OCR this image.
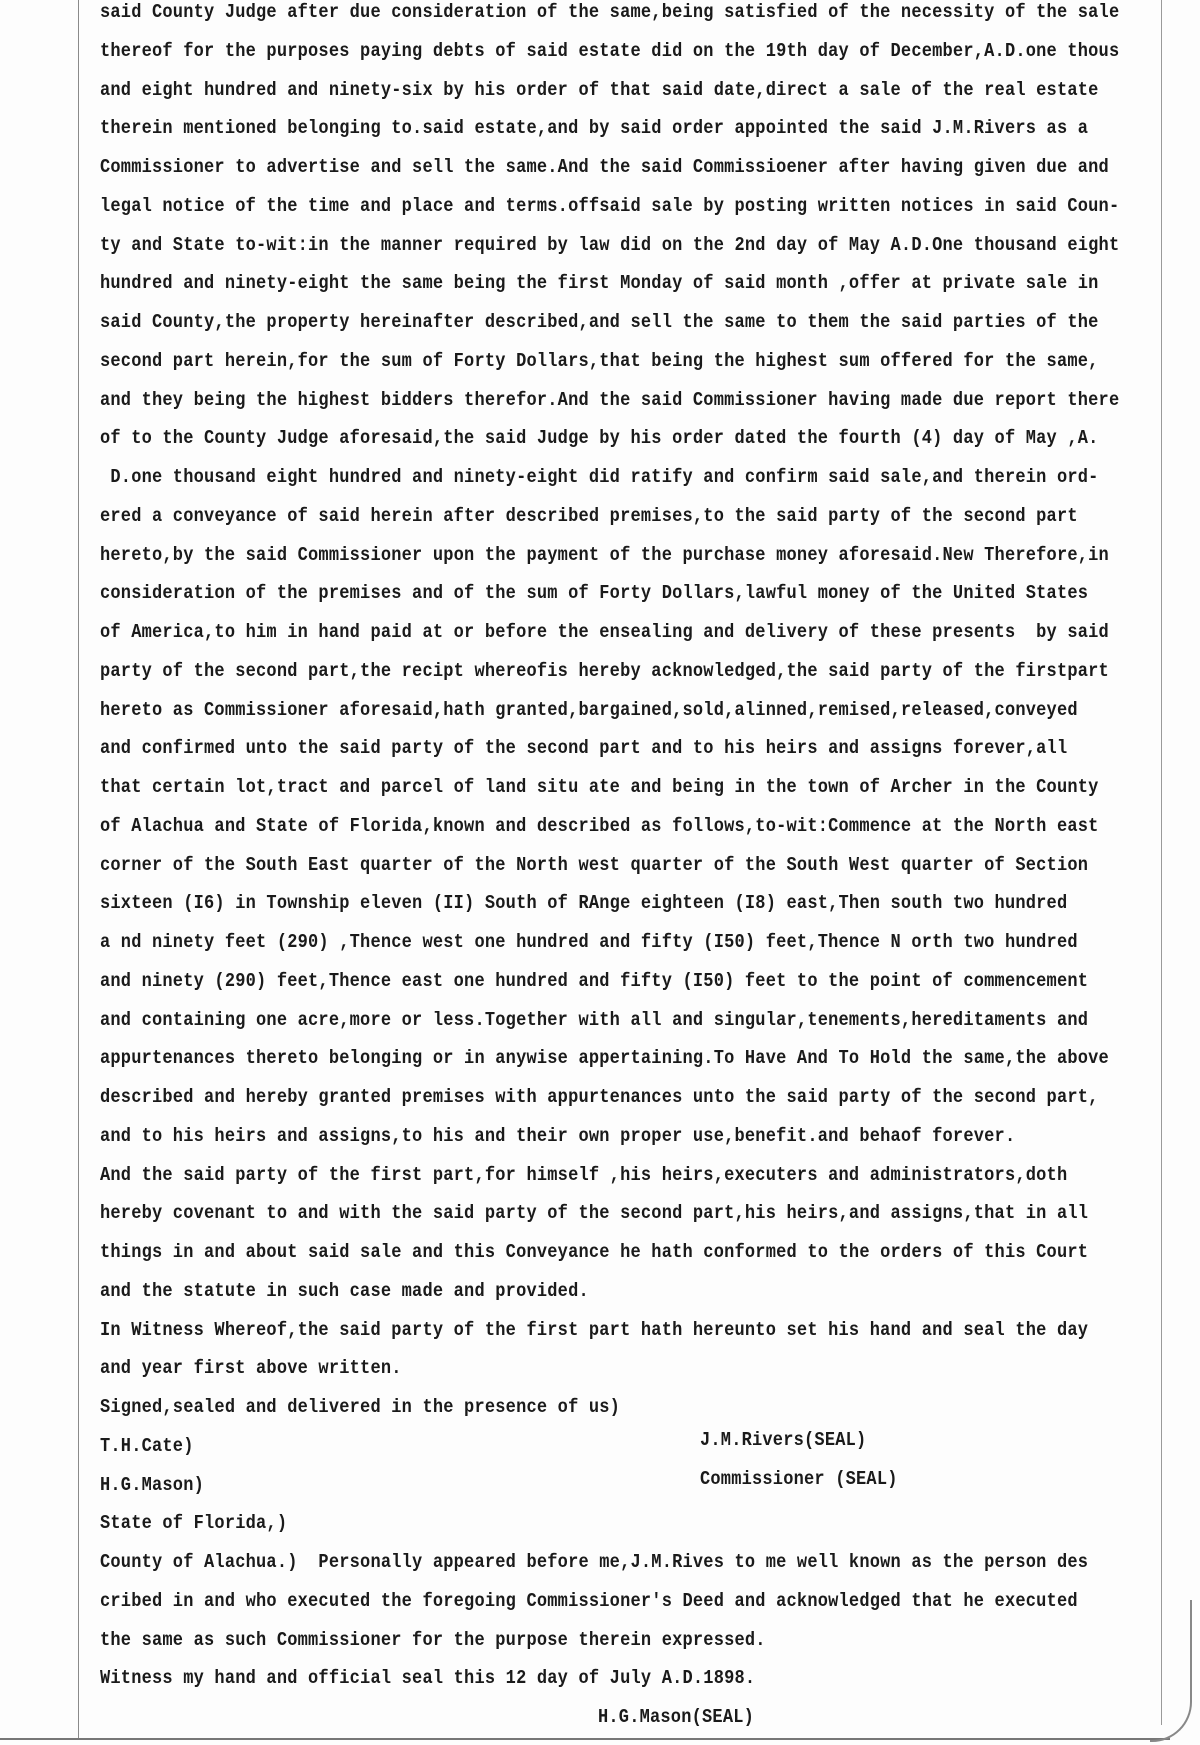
said County Judge after due consideration of the same,being satisfied of the necessity of the sale
thereof for the purposes paying debts of said estate did on the 19th day of December,A.D.one thous
and eight hundred and ninety-six by his order of that said date,direct a sale of the real estate
therein mentioned belonging to.said estate,and by said order appointed the said J.M.Rivers as a
Commissioner to advertise and sell the same.And the said Commissioener after having given due and
legal notice of the time and place and terms.offsaid sale by posting written notices in said Coun-
ty and State to-wit:in the manner required by law did on the 2nd day of May A.D.One thousand eight
hundred and ninety-eight the same being the first Monday of said month ,offer at private sale in
said County,the property hereinafter described,and sell the same to them the said parties of the
second part herein,for the sum of Forty Dollars,that being the highest sum offered for the same,
and they being the highest bidders therefor.And the said Commissioner having made due report there
of to the County Judge aforesaid,the said Judge by his order dated the fourth (4) day of May ,A.
D.one thousand eight hundred and ninety-eight did ratify and confirm said sale,and therein ord-
ered a conveyance of said herein after described premises,to the said party of the second part
hereto,by the said Commissioner upon the payment of the purchase money aforesaid.New Therefore,in
consideration of the premises and of the sum of Forty Dollars,lawful money of the United States
of America,to him in hand paid at or before the ensealing and delivery of these presents  by said
party of the second part,the recipt whereofis hereby acknowledged,the said party of the firstpart
hereto as Commissioner aforesaid,hath granted,bargained,sold,alinned,remised,released,conveyed
and confirmed unto the said party of the second part and to his heirs and assigns forever,all
that certain lot,tract and parcel of land situ ate and being in the town of Archer in the County
of Alachua and State of Florida,known and described as follows,to-wit:Commence at the North east
corner of the South East quarter of the North west quarter of the South West quarter of Section
sixteen (I6) in Township eleven (II) South of RAnge eighteen (I8) east,Then south two hundred
a nd ninety feet (290) ,Thence west one hundred and fifty (I50) feet,Thence N orth two hundred
and ninety (290) feet,Thence east one hundred and fifty (I50) feet to the point of commencement
and containing one acre,more or less.Together with all and singular,tenements,hereditaments and
appurtenances thereto belonging or in anywise appertaining.To Have And To Hold the same,the above
described and hereby granted premises with appurtenances unto the said party of the second part,
and to his heirs and assigns,to his and their own proper use,benefit.and behaof forever.
And the said party of the first part,for himself ,his heirs,executers and administrators,doth
hereby covenant to and with the said party of the second part,his heirs,and assigns,that in all
things in and about said sale and this Conveyance he hath conformed to the orders of this Court
and the statute in such case made and provided.
In Witness Whereof,the said party of the first part hath hereunto set his hand and seal the day
and year first above written.
Signed,sealed and delivered in the presence of us)
T.H.Cate)	J.M.Rivers(SEAL)
H.G.Mason)	Commissioner (SEAL)
State of Florida,)
County of Alachua.)  Personally appeared before me,J.M.Rives to me well known as the person des
cribed in and who executed the foregoing Commissioner's Deed and acknowledged that he executed
the same as such Commissioner for the purpose therein expressed.
Witness my hand and official seal this 12 day of July A.D.1898.
H.G.Mason(SEAL)
